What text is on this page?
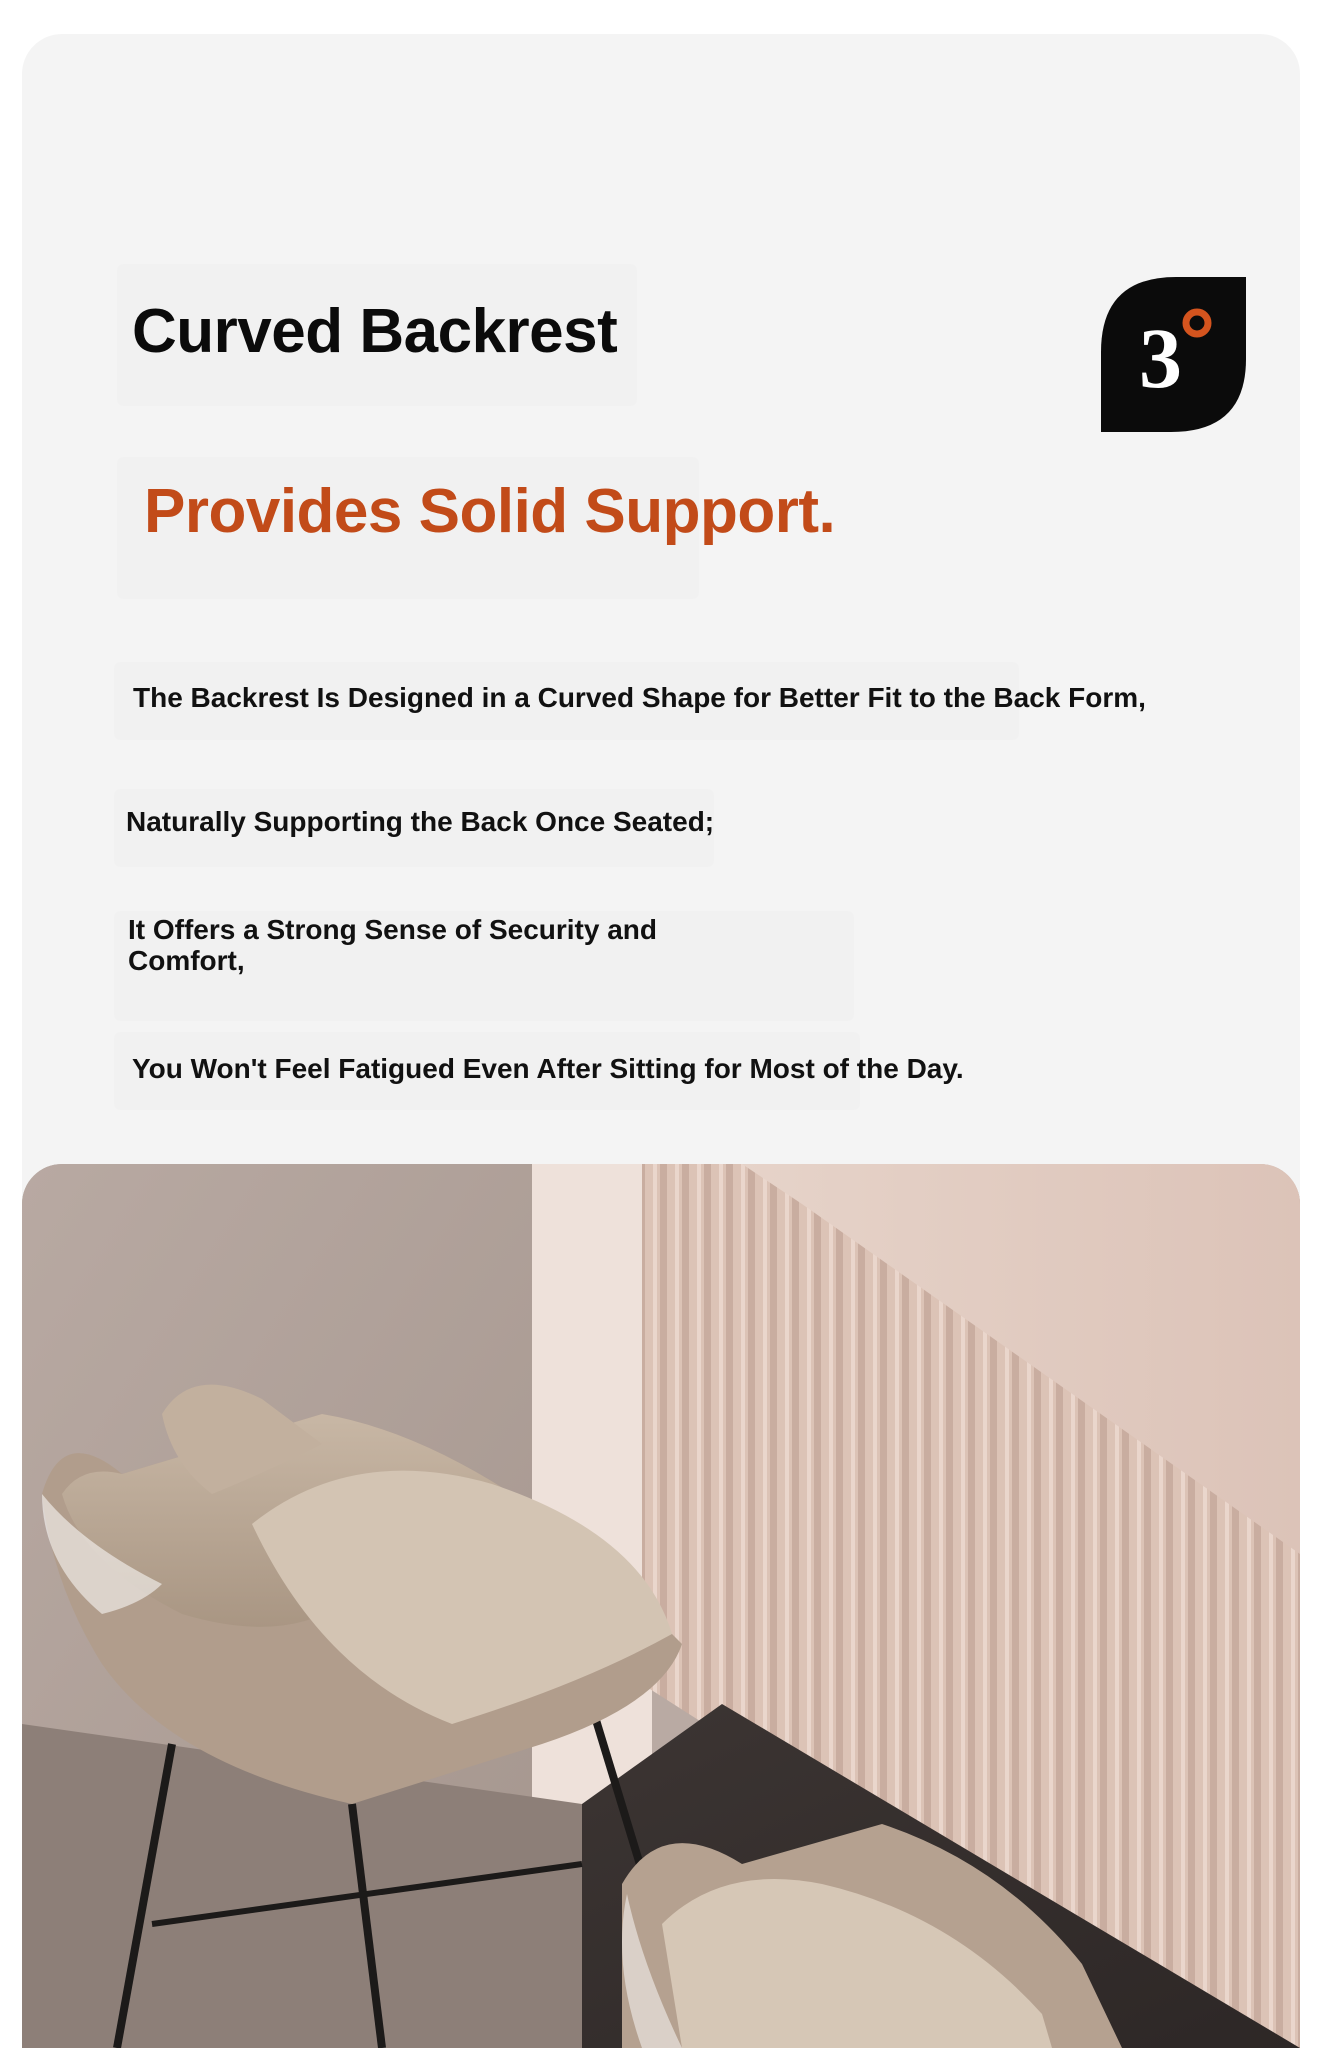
Curved Backrest
Provides Solid Support.

The Backrest Is Designed in a Curved Shape for Better Fit to the Back Form,

Naturally Supporting the Back Once Seated;

It Offers a Strong Sense of Security and

Comfort,

You Won't Feel Fatigued Even After Sitting for Most of the Day.

3
